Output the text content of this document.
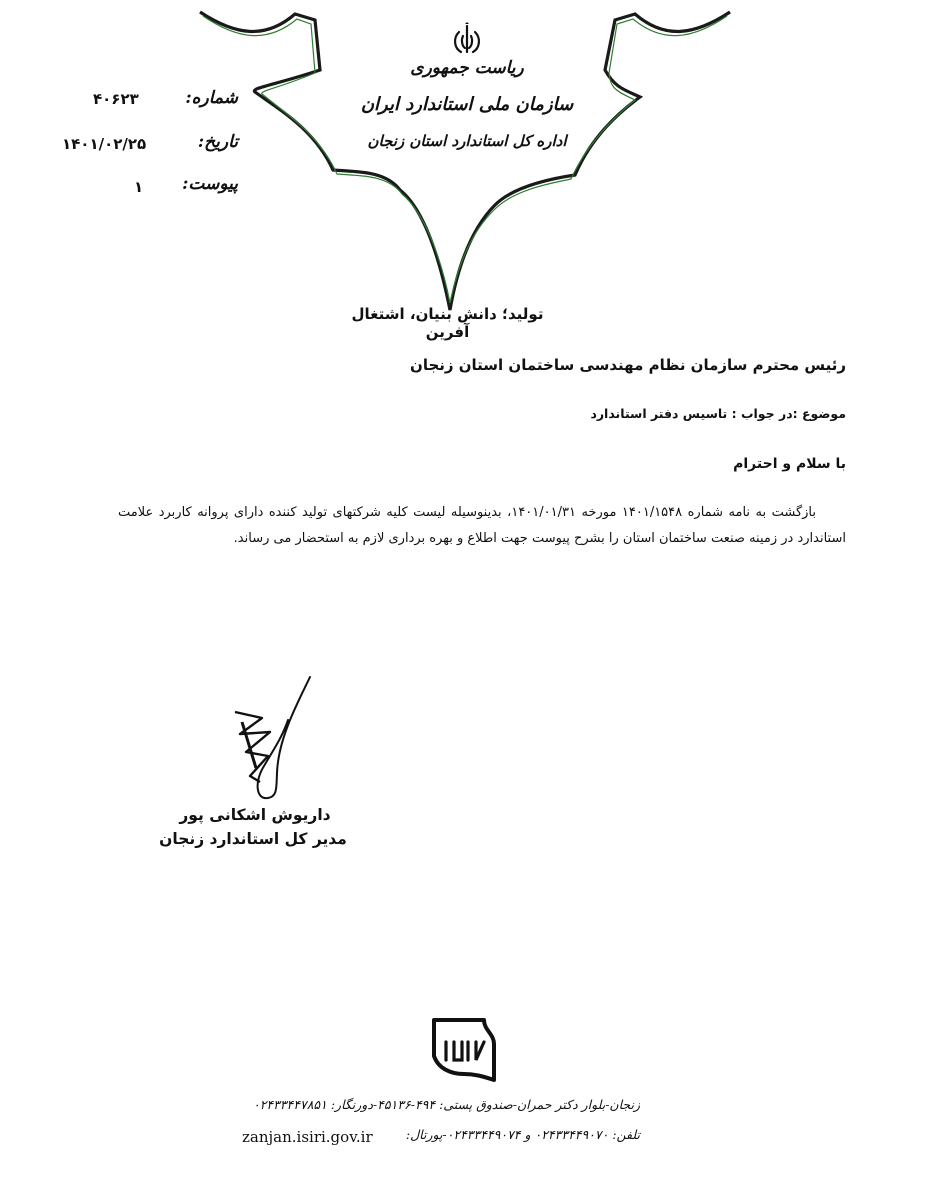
شماره:
۴۰۶۲۳
تاریخ:
۱۴۰۱/۰۲/۲۵
پیوست:
۱
ریاست جمهوری
سازمان ملی استاندارد ایران
اداره کل استاندارد استان زنجان
تولید؛ دانش بنیان، اشتغال آفرین
رئیس محترم سازمان نظام مهندسی ساختمان استان زنجان
موضوع :در جواب : تاسیس دفتر استاندارد
با سلام و احترام
بازگشت به نامه شماره ۱۴۰۱/۱۵۴۸ مورخه ۱۴۰۱/۰۱/۳۱، بدینوسیله لیست کلیه شرکتهای تولید کننده دارای پروانه کاربرد علامت استاندارد در زمینه صنعت ساختمان استان را بشرح پیوست جهت اطلاع و بهره برداری لازم به استحضار می رساند.
داریوش اشکانی پور
مدیر کل استاندارد زنجان
زنجان-بلوار دکتر حمران-صندوق پستی: ۴۹۴-۴۵۱۳۶-دورنگار: ۰۲۴۳۳۴۴۷۸۵۱
تلفن: ۰۲۴۳۳۴۴۹۰۷۰ و ۰۲۴۳۳۴۴۹۰۷۴-پورتال:
zanjan.isiri.gov.ir
